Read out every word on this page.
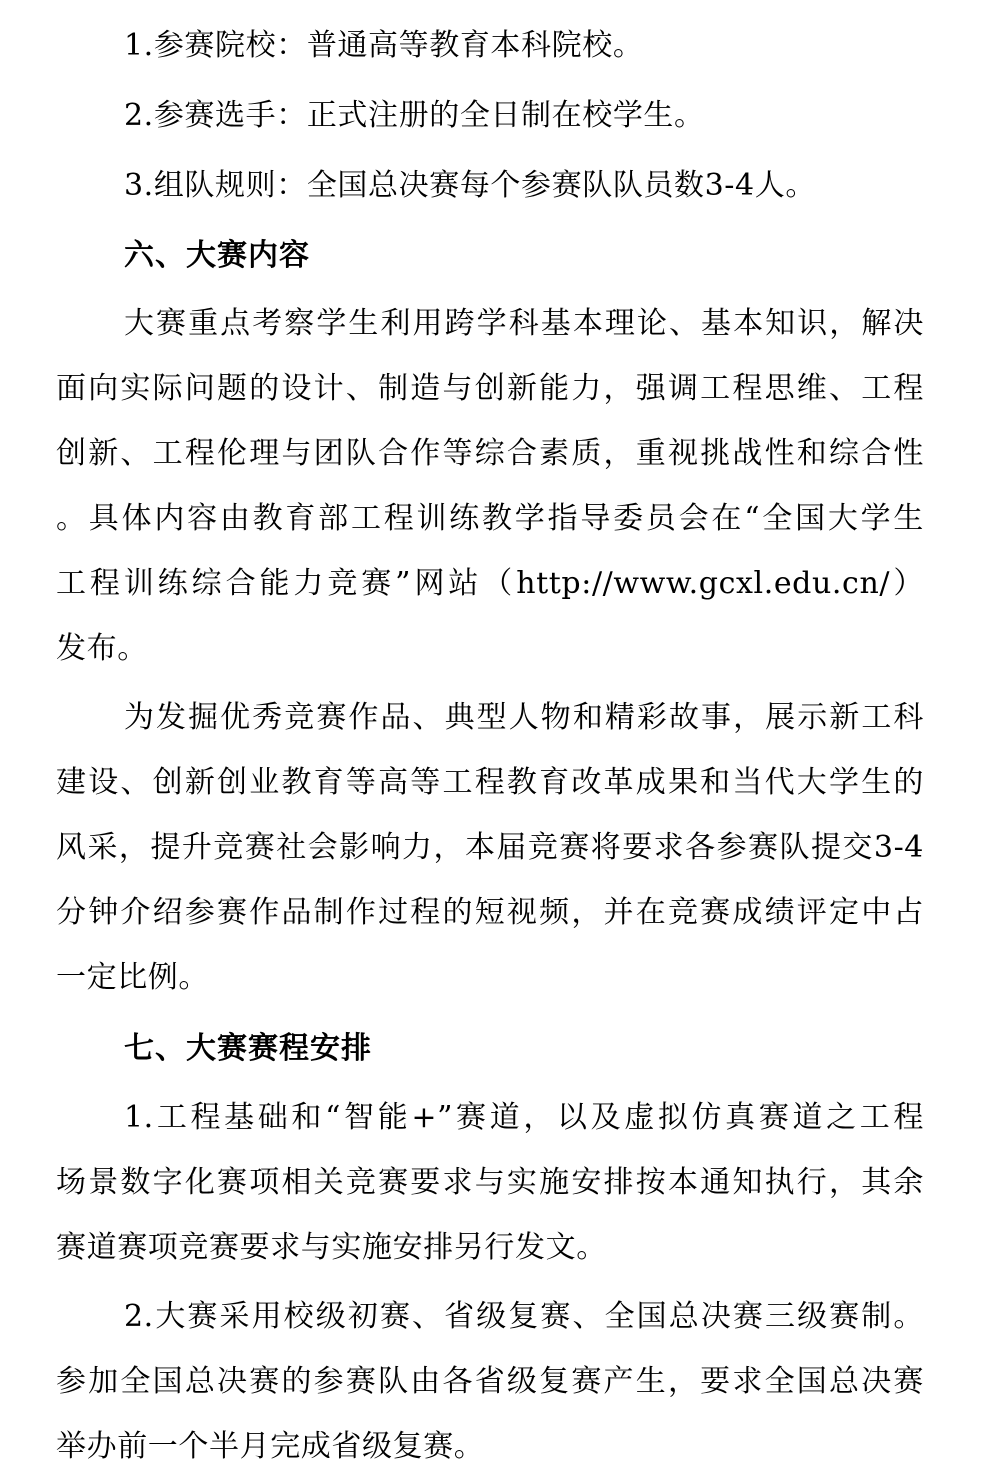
1.参赛院校：普通高等教育本科院校。
2.参赛选手：正式注册的全日制在校学生。
3.组队规则：全国总决赛每个参赛队队员数3-4人。
六、大赛内容
大赛重点考察学生利用跨学科基本理论、基本知识，解决
面向实际问题的设计、制造与创新能力，强调工程思维、工程
创新、工程伦理与团队合作等综合素质，重视挑战性和综合性
。具体内容由教育部工程训练教学指导委员会在“全国大学生
工程训练综合能力竞赛”网站（http://www.gcxl.edu.cn/）
发布。
为发掘优秀竞赛作品、典型人物和精彩故事，展示新工科
建设、创新创业教育等高等工程教育改革成果和当代大学生的
风采，提升竞赛社会影响力，本届竞赛将要求各参赛队提交3-4
分钟介绍参赛作品制作过程的短视频，并在竞赛成绩评定中占
一定比例。
七、大赛赛程安排
1.工程基础和“智能+”赛道，以及虚拟仿真赛道之工程
场景数字化赛项相关竞赛要求与实施安排按本通知执行，其余
赛道赛项竞赛要求与实施安排另行发文。
2.大赛采用校级初赛、省级复赛、全国总决赛三级赛制。
参加全国总决赛的参赛队由各省级复赛产生，要求全国总决赛
举办前一个半月完成省级复赛。
